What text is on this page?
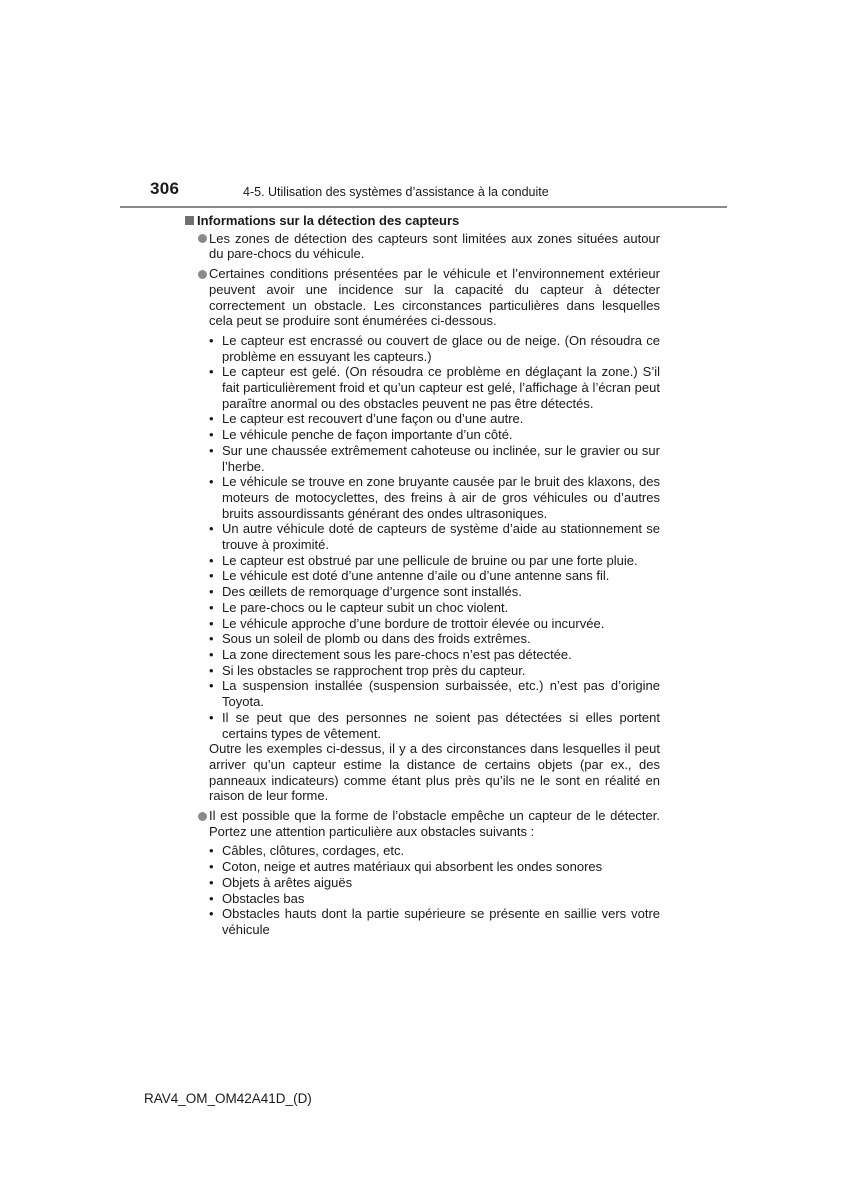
306	4-5. Utilisation des systèmes d’assistance à la conduite
Informations sur la détection des capteurs
Les zones de détection des capteurs sont limitées aux zones situées autour du pare-chocs du véhicule.
Certaines conditions présentées par le véhicule et l’environnement extérieur peuvent avoir une incidence sur la capacité du capteur à détecter correctement un obstacle. Les circonstances particulières dans lesquelles cela peut se produire sont énumérées ci-dessous.
• Le capteur est encrassé ou couvert de glace ou de neige. (On résoudra ce problème en essuyant les capteurs.)
• Le capteur est gelé. (On résoudra ce problème en déglaçant la zone.) S’il fait particulièrement froid et qu’un capteur est gelé, l’affichage à l’écran peut paraître anormal ou des obstacles peuvent ne pas être détectés.
• Le capteur est recouvert d’une façon ou d’une autre.
• Le véhicule penche de façon importante d’un côté.
• Sur une chaussée extrêmement cahoteuse ou inclinée, sur le gravier ou sur l’herbe.
• Le véhicule se trouve en zone bruyante causée par le bruit des klaxons, des moteurs de motocyclettes, des freins à air de gros véhicules ou d’autres bruits assourdissants générant des ondes ultrasoniques.
• Un autre véhicule doté de capteurs de système d’aide au stationnement se trouve à proximité.
• Le capteur est obstrué par une pellicule de bruine ou par une forte pluie.
• Le véhicule est doté d’une antenne d’aile ou d’une antenne sans fil.
• Des œillets de remorquage d’urgence sont installés.
• Le pare-chocs ou le capteur subit un choc violent.
• Le véhicule approche d’une bordure de trottoir élevée ou incurvée.
• Sous un soleil de plomb ou dans des froids extrêmes.
• La zone directement sous les pare-chocs n’est pas détectée.
• Si les obstacles se rapprochent trop près du capteur.
• La suspension installée (suspension surbaissée, etc.) n’est pas d’origine Toyota.
• Il se peut que des personnes ne soient pas détectées si elles portent certains types de vêtement.
Outre les exemples ci-dessus, il y a des circonstances dans lesquelles il peut arriver qu’un capteur estime la distance de certains objets (par ex., des panneaux indicateurs) comme étant plus près qu’ils ne le sont en réalité en raison de leur forme.
Il est possible que la forme de l’obstacle empêche un capteur de le détecter. Portez une attention particulière aux obstacles suivants :
• Câbles, clôtures, cordages, etc.
• Coton, neige et autres matériaux qui absorbent les ondes sonores
• Objets à arêtes aiguës
• Obstacles bas
• Obstacles hauts dont la partie supérieure se présente en saillie vers votre véhicule
RAV4_OM_OM42A41D_(D)
